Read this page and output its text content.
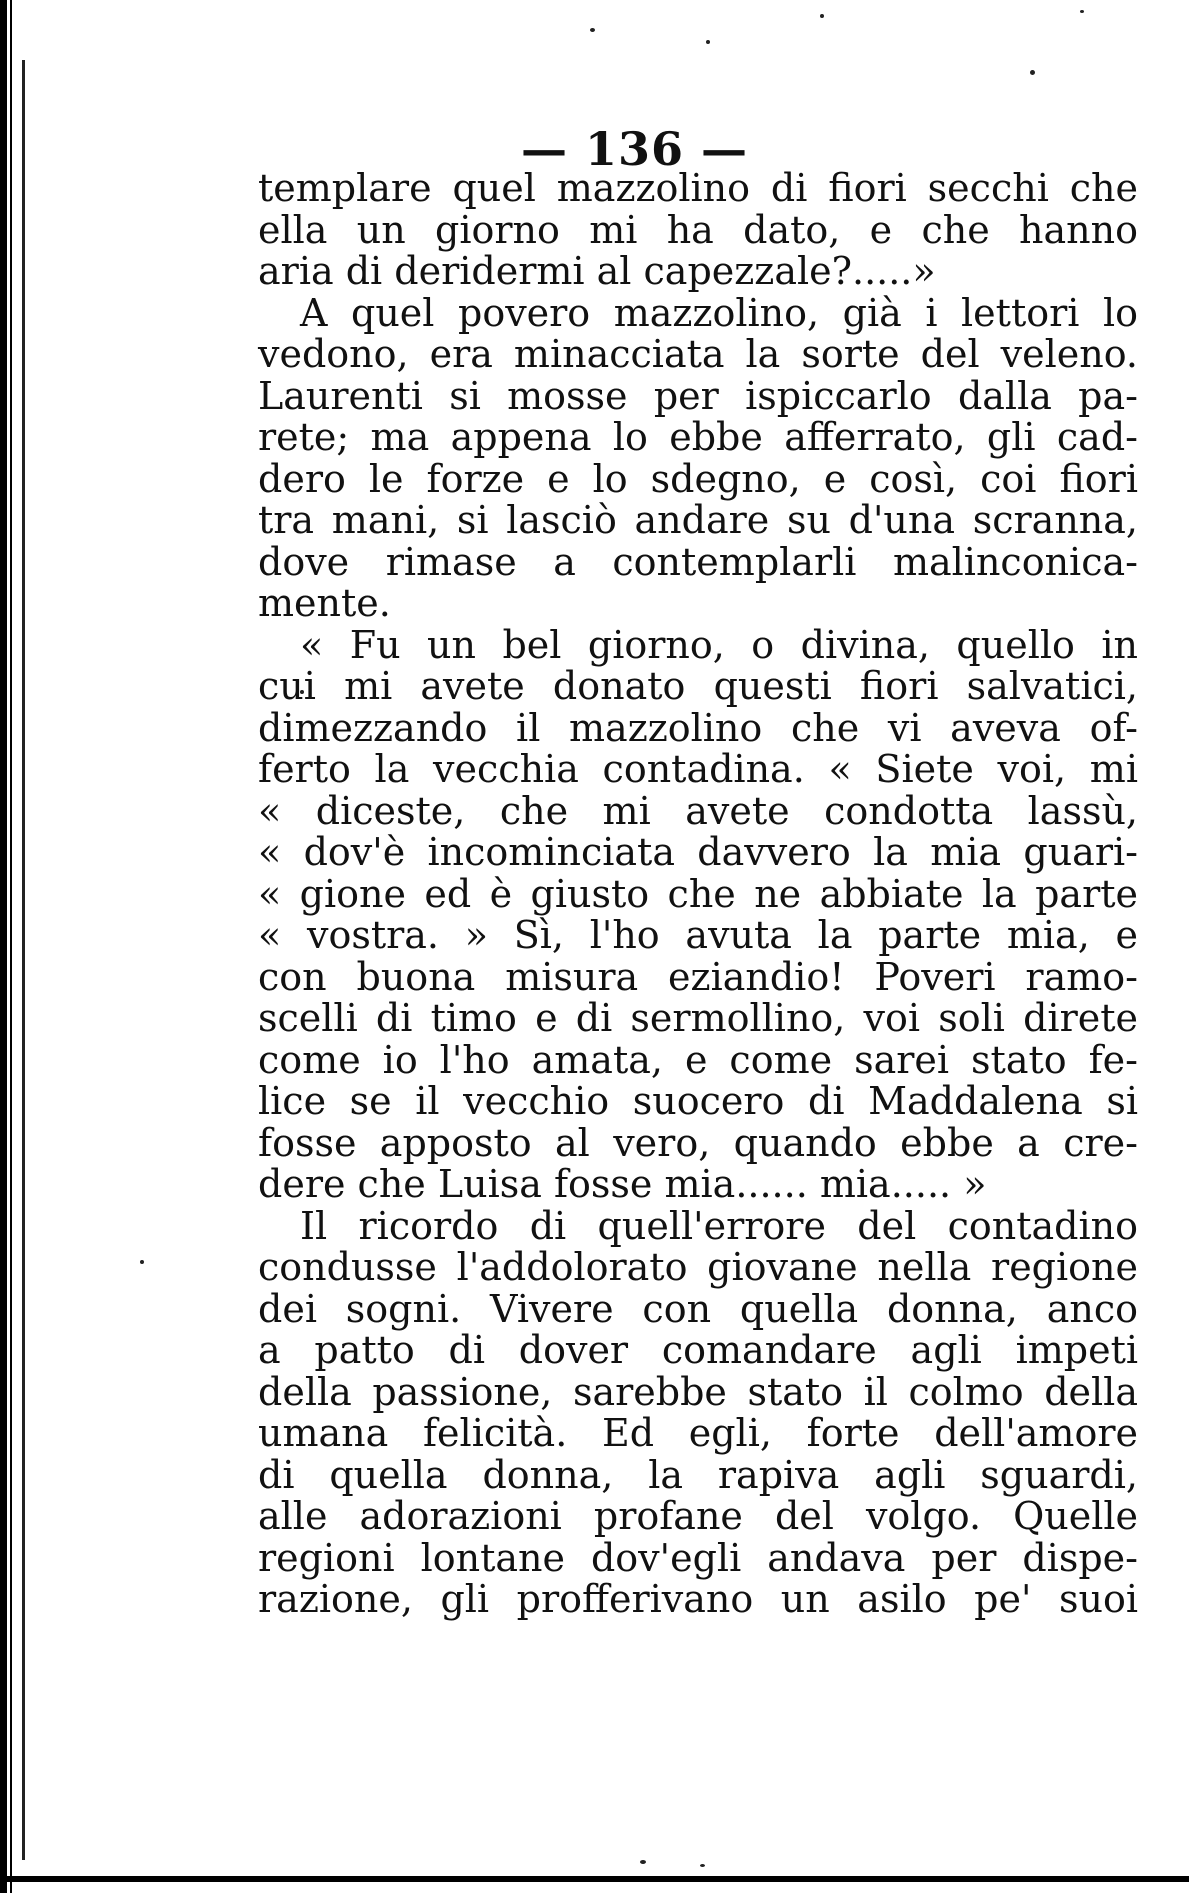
— 136 —
templare quel mazzolino di fiori secchi che
ella un giorno mi ha dato, e che hanno
aria di deridermi al capezzale?.....»
A quel povero mazzolino, già i lettori lo
vedono, era minacciata la sorte del veleno.
Laurenti si mosse per ispiccarlo dalla pa-
rete; ma appena lo ebbe afferrato, gli cad-
dero le forze e lo sdegno, e così, coi fiori
tra mani, si lasciò andare su d'una scranna,
dove rimase a contemplarli malinconica-
mente.
« Fu un bel giorno, o divina, quello in
cui mi avete donato questi fiori salvatici,
dimezzando il mazzolino che vi aveva of-
ferto la vecchia contadina. « Siete voi, mi
« diceste, che mi avete condotta lassù,
« dov'è incominciata davvero la mia guari-
« gione ed è giusto che ne abbiate la parte
« vostra. » Sì, l'ho avuta la parte mia, e
con buona misura eziandio! Poveri ramo-
scelli di timo e di sermollino, voi soli direte
come io l'ho amata, e come sarei stato fe-
lice se il vecchio suocero di Maddalena si
fosse apposto al vero, quando ebbe a cre-
dere che Luisa fosse mia...... mia..... »
Il ricordo di quell'errore del contadino
condusse l'addolorato giovane nella regione
dei sogni. Vivere con quella donna, anco
a patto di dover comandare agli impeti
della passione, sarebbe stato il colmo della
umana felicità. Ed egli, forte dell'amore
di quella donna, la rapiva agli sguardi,
alle adorazioni profane del volgo. Quelle
regioni lontane dov'egli andava per dispe-
razione, gli profferivano un asilo pe' suoi
